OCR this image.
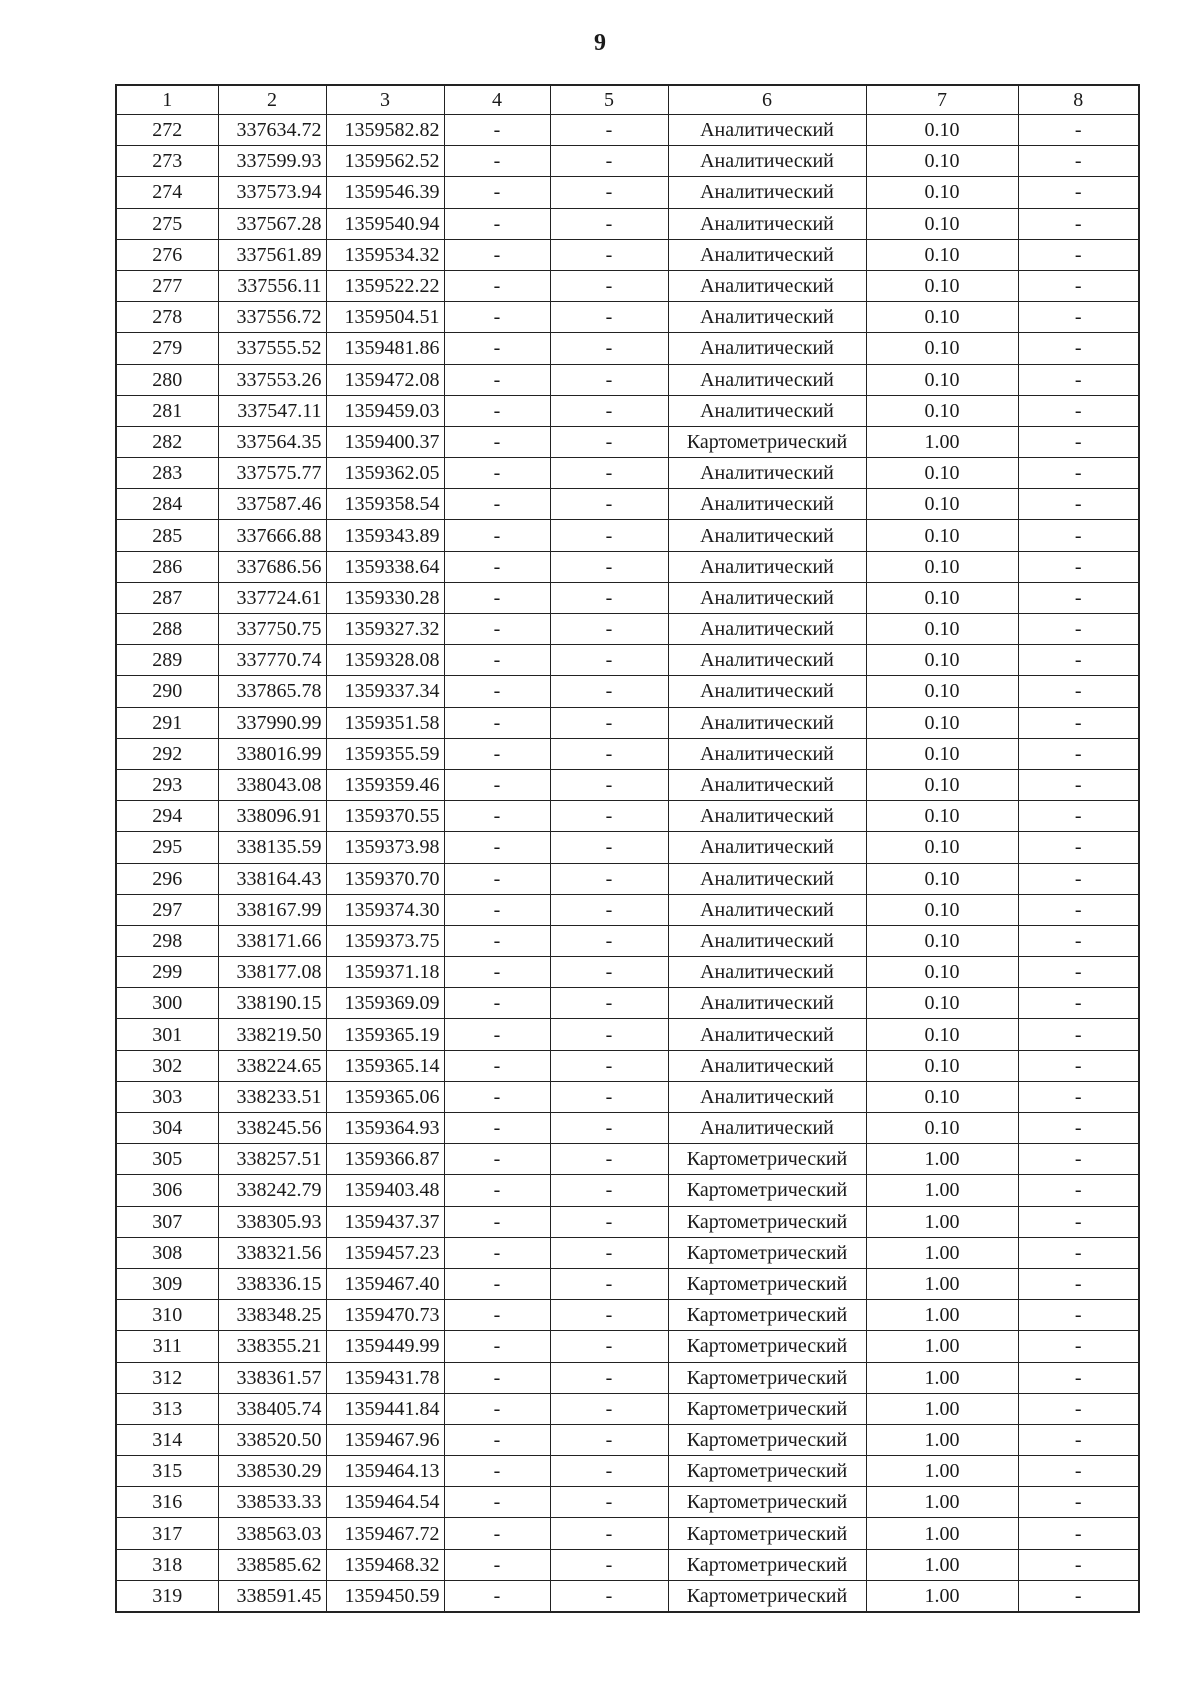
9
1	2	3	4	5	6	7	8
272	337634.72	1359582.82	-	-	Аналитический	0.10	-
273	337599.93	1359562.52	-	-	Аналитический	0.10	-
274	337573.94	1359546.39	-	-	Аналитический	0.10	-
275	337567.28	1359540.94	-	-	Аналитический	0.10	-
276	337561.89	1359534.32	-	-	Аналитический	0.10	-
277	337556.11	1359522.22	-	-	Аналитический	0.10	-
278	337556.72	1359504.51	-	-	Аналитический	0.10	-
279	337555.52	1359481.86	-	-	Аналитический	0.10	-
280	337553.26	1359472.08	-	-	Аналитический	0.10	-
281	337547.11	1359459.03	-	-	Аналитический	0.10	-
282	337564.35	1359400.37	-	-	Картометрический	1.00	-
283	337575.77	1359362.05	-	-	Аналитический	0.10	-
284	337587.46	1359358.54	-	-	Аналитический	0.10	-
285	337666.88	1359343.89	-	-	Аналитический	0.10	-
286	337686.56	1359338.64	-	-	Аналитический	0.10	-
287	337724.61	1359330.28	-	-	Аналитический	0.10	-
288	337750.75	1359327.32	-	-	Аналитический	0.10	-
289	337770.74	1359328.08	-	-	Аналитический	0.10	-
290	337865.78	1359337.34	-	-	Аналитический	0.10	-
291	337990.99	1359351.58	-	-	Аналитический	0.10	-
292	338016.99	1359355.59	-	-	Аналитический	0.10	-
293	338043.08	1359359.46	-	-	Аналитический	0.10	-
294	338096.91	1359370.55	-	-	Аналитический	0.10	-
295	338135.59	1359373.98	-	-	Аналитический	0.10	-
296	338164.43	1359370.70	-	-	Аналитический	0.10	-
297	338167.99	1359374.30	-	-	Аналитический	0.10	-
298	338171.66	1359373.75	-	-	Аналитический	0.10	-
299	338177.08	1359371.18	-	-	Аналитический	0.10	-
300	338190.15	1359369.09	-	-	Аналитический	0.10	-
301	338219.50	1359365.19	-	-	Аналитический	0.10	-
302	338224.65	1359365.14	-	-	Аналитический	0.10	-
303	338233.51	1359365.06	-	-	Аналитический	0.10	-
304	338245.56	1359364.93	-	-	Аналитический	0.10	-
305	338257.51	1359366.87	-	-	Картометрический	1.00	-
306	338242.79	1359403.48	-	-	Картометрический	1.00	-
307	338305.93	1359437.37	-	-	Картометрический	1.00	-
308	338321.56	1359457.23	-	-	Картометрический	1.00	-
309	338336.15	1359467.40	-	-	Картометрический	1.00	-
310	338348.25	1359470.73	-	-	Картометрический	1.00	-
311	338355.21	1359449.99	-	-	Картометрический	1.00	-
312	338361.57	1359431.78	-	-	Картометрический	1.00	-
313	338405.74	1359441.84	-	-	Картометрический	1.00	-
314	338520.50	1359467.96	-	-	Картометрический	1.00	-
315	338530.29	1359464.13	-	-	Картометрический	1.00	-
316	338533.33	1359464.54	-	-	Картометрический	1.00	-
317	338563.03	1359467.72	-	-	Картометрический	1.00	-
318	338585.62	1359468.32	-	-	Картометрический	1.00	-
319	338591.45	1359450.59	-	-	Картометрический	1.00	-
